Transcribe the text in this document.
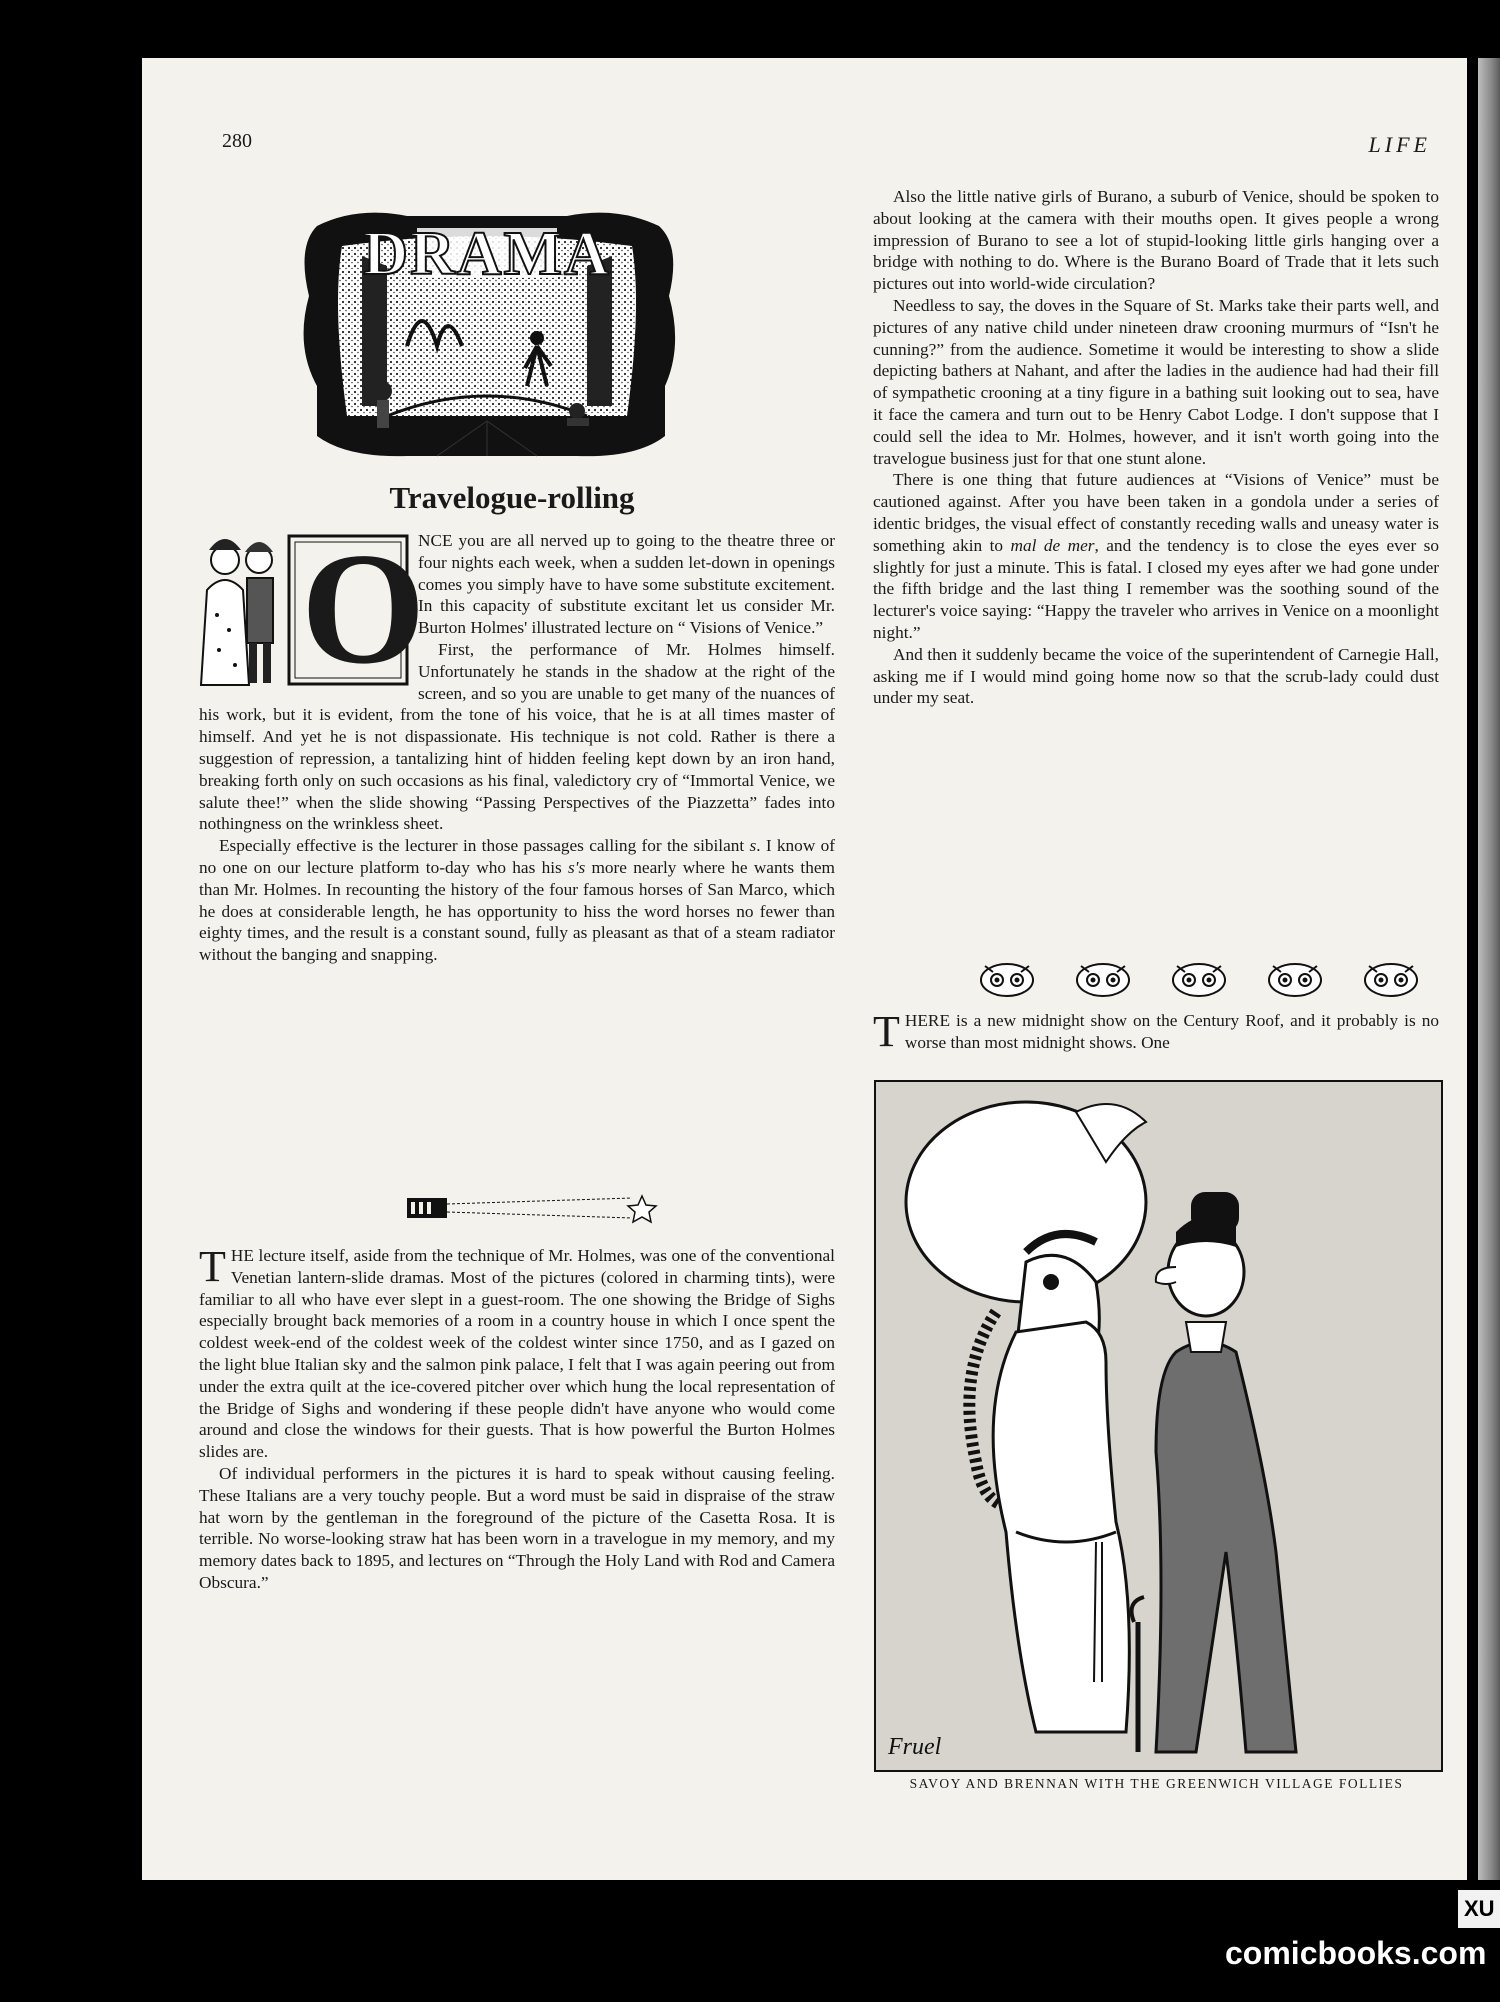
280	LIFE
DRAMA
Travelogue-rolling
O

NCE you are all nerved up to going to the theatre three or four nights each week, when a sudden let-down in openings comes you simply have to have some substitute excitement. In this capacity of substitute excitant let us consider Mr. Burton Holmes' illustrated lecture on “ Visions of Venice.”

First, the performance of Mr. Holmes himself. Unfortunately he stands in the shadow at the right of the screen, and so you are unable to get many of the nuances of his work, but it is evident, from the tone of his voice, that he is at all times master of himself. And yet he is not dispassionate. His technique is not cold. Rather is there a suggestion of repression, a tantalizing hint of hidden feeling kept down by an iron hand, breaking forth only on such occasions as his final, valedictory cry of “Immortal Venice, we salute thee!” when the slide showing “Passing Perspectives of the Piazzetta” fades into nothingness on the wrinkless sheet.

Especially effective is the lecturer in those passages calling for the sibilant s. I know of no one on our lecture platform to-day who has his s's more nearly where he wants them than Mr. Holmes. In recounting the history of the four famous horses of San Marco, which he does at considerable length, he has opportunity to hiss the word horses no fewer than eighty times, and the result is a constant sound, fully as pleasant as that of a steam radiator without the banging and snapping.

THE lecture itself, aside from the technique of Mr. Holmes, was one of the conventional Venetian lantern-slide dramas. Most of the pictures (colored in charming tints), were familiar to all who have ever slept in a guest-room. The one showing the Bridge of Sighs especially brought back memories of a room in a country house in which I once spent the coldest week-end of the coldest week of the coldest winter since 1750, and as I gazed on the light blue Italian sky and the salmon pink palace, I felt that I was again peering out from under the extra quilt at the ice-covered pitcher over which hung the local representation of the Bridge of Sighs and wondering if these people didn't have anyone who would come around and close the windows for their guests. That is how powerful the Burton Holmes slides are.

Of individual performers in the pictures it is hard to speak without causing feeling. These Italians are a very touchy people. But a word must be said in dispraise of the straw hat worn by the gentleman in the foreground of the picture of the Casetta Rosa. It is terrible. No worse-looking straw hat has been worn in a travelogue in my memory, and my memory dates back to 1895, and lectures on “Through the Holy Land with Rod and Camera Obscura.”

Also the little native girls of Burano, a suburb of Venice, should be spoken to about looking at the camera with their mouths open. It gives people a wrong impression of Burano to see a lot of stupid-looking little girls hanging over a bridge with nothing to do. Where is the Burano Board of Trade that it lets such pictures out into world-wide circulation?

Needless to say, the doves in the Square of St. Marks take their parts well, and pictures of any native child under nineteen draw crooning murmurs of “Isn't he cunning?” from the audience. Sometime it would be interesting to show a slide depicting bathers at Nahant, and after the ladies in the audience had had their fill of sympathetic crooning at a tiny figure in a bathing suit looking out to sea, have it face the camera and turn out to be Henry Cabot Lodge. I don't suppose that I could sell the idea to Mr. Holmes, however, and it isn't worth going into the travelogue business just for that one stunt alone.

There is one thing that future audiences at “Visions of Venice” must be cautioned against. After you have been taken in a gondola under a series of identic bridges, the visual effect of constantly receding walls and uneasy water is something akin to mal de mer, and the tendency is to close the eyes ever so slightly for just a minute. This is fatal. I closed my eyes after we had gone under the fifth bridge and the last thing I remember was the soothing sound of the lecturer's voice saying: “Happy the traveler who arrives in Venice on a moonlight night.”

And then it suddenly became the voice of the superintendent of Carnegie Hall, asking me if I would mind going home now so that the scrub-lady could dust under my seat.

THERE is a new midnight show on the Century Roof, and it probably is no worse than most midnight shows. One

Fruel
SAVOY AND BRENNAN WITH THE GREENWICH VILLAGE FOLLIES
XU
comicbooks.com
